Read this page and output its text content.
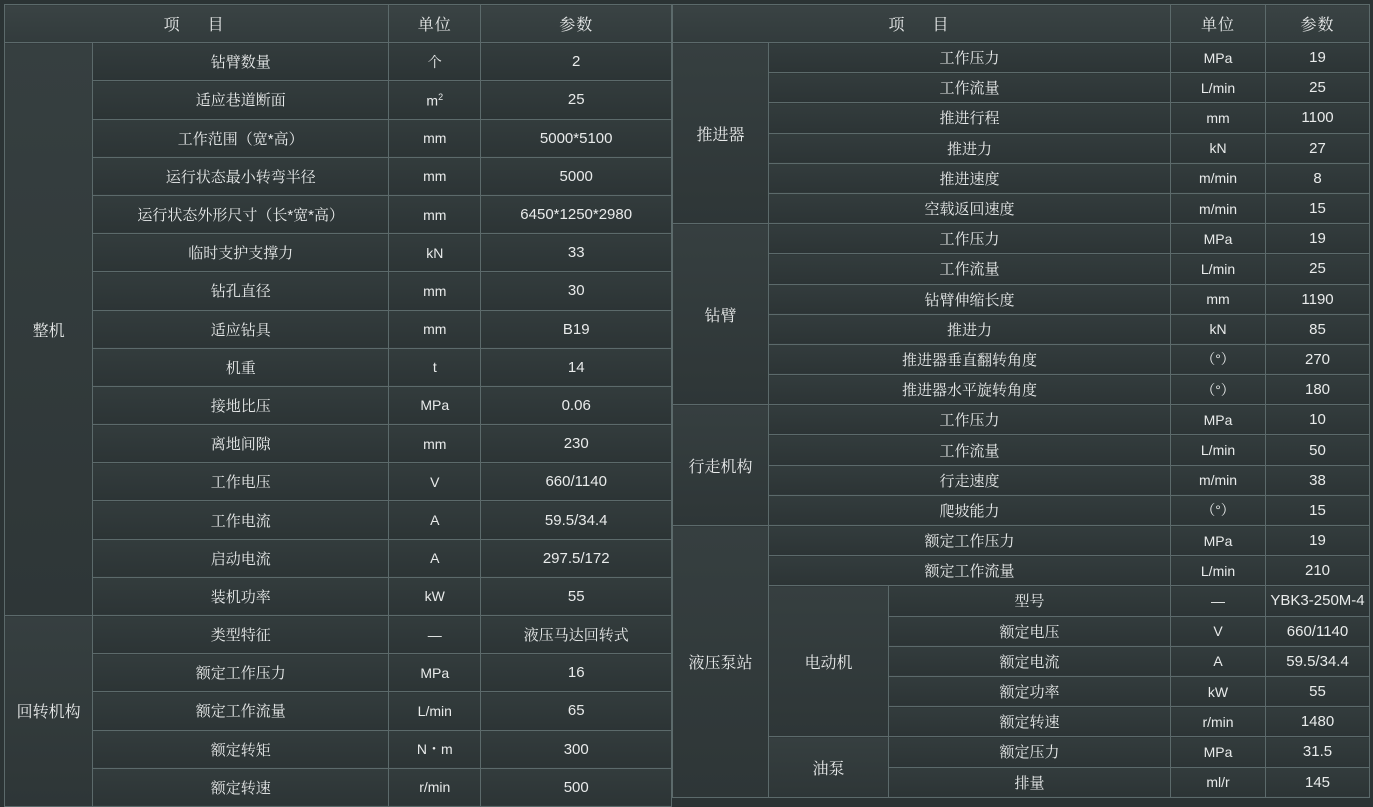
项　目		单位	参数
整机	钻臂数量	个	2
	适应巷道断面	$m^2$	25
	工作范围（宽*高）	mm	5000*5100
	运行状态最小转弯半径	mm	5000
	运行状态外形尺寸（长*宽*高）	mm	6450*1250*2980
	临时支护支撑力	kN	33
	钻孔直径	mm	30
	适应钻具	mm	B19
	机重	t	14
	接地比压	MPa	0.06
	离地间隙	mm	230
	工作电压	V	660/1140
	工作电流	A	59.5/34.4
	启动电流	A	297.5/172
	装机功率	kW	55
回转机构	类型特征	—	液压马达回转式
	额定工作压力	MPa	16
	额定工作流量	L/min	65
	额定转矩	N・m	300
	额定转速	r/min	500
项　目			单位	参数
推进器	工作压力		MPa	19
	工作流量		L/min	25
	推进行程		mm	1100
	推进力		kN	27
	推进速度		m/min	8
	空载返回速度		m/min	15
钻臂	工作压力		MPa	19
	工作流量		L/min	25
	钻臂伸缩长度		mm	1190
	推进力		kN	85
	推进器垂直翻转角度		（°）	270
	推进器水平旋转角度		（°）	180
行走机构	工作压力		MPa	10
	工作流量		L/min	50
	行走速度		m/min	38
	爬坡能力		（°）	15
液压泵站	额定工作压力		MPa	19
	额定工作流量		L/min	210
	电动机	型号	—	YBK3-250M-4
		额定电压	V	660/1140
		额定电流	A	59.5/34.4
		额定功率	kW	55
		额定转速	r/min	1480
	油泵	额定压力	MPa	31.5
		排量	ml/r	145
